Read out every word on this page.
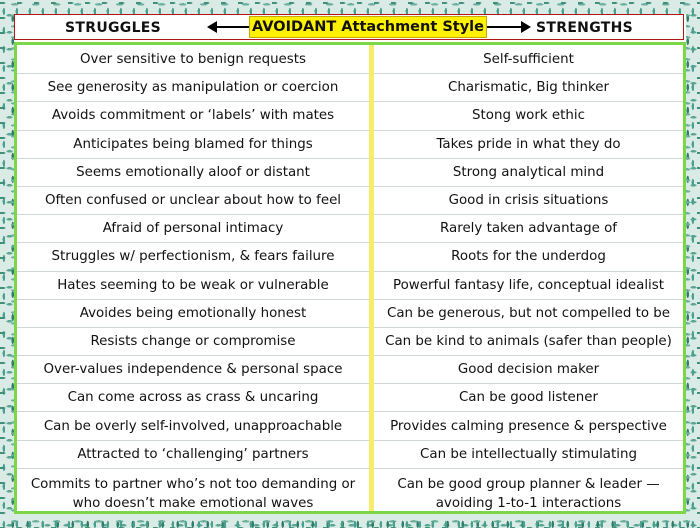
STRUGGLES	AVOIDANT Attachment Style	STRENGTHS
Over sensitive to benign requests
See generosity as manipulation or coercion
Avoids commitment or ‘labels’ with mates
Anticipates being blamed for things
Seems emotionally aloof or distant
Often confused or unclear about how to feel
Afraid of personal intimacy
Struggles w/ perfectionism, & fears failure
Hates seeming to be weak or vulnerable
Avoides being emotionally honest
Resists change or compromise
Over-values independence & personal space
Can come across as crass & uncaring
Can be overly self-involved, unapproachable
Attracted to ‘challenging’ partners
Commits to partner who’s not too demanding or who doesn’t make emotional waves
Self-sufficient
Charismatic, Big thinker
Stong work ethic
Takes pride in what they do
Strong analytical mind
Good in crisis situations
Rarely taken advantage of
Roots for the underdog
Powerful fantasy life, conceptual idealist
Can be generous, but not compelled to be
Can be kind to animals (safer than people)
Good decision maker
Can be good listener
Provides calming presence & perspective
Can be intellectually stimulating
Can be good group planner & leader — avoiding 1-to-1 interactions
